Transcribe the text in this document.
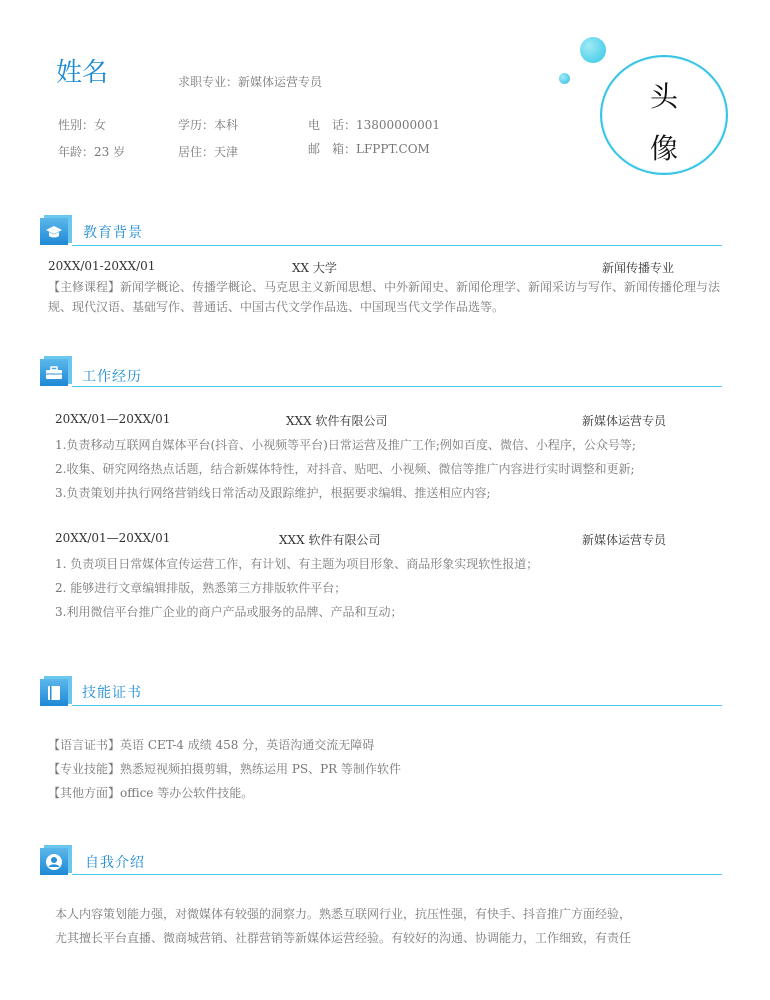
姓名	求职专业：新媒体运营专员
性别：女	学历：本科	电　话：13800000001
年龄：23 岁	居住：天津	邮　箱：LFPPT.COM
头
像
教育背景
20XX/01-20XX/01	XX 大学	新闻传播专业
【主修课程】新闻学概论、传播学概论、马克思主义新闻思想、中外新闻史、新闻伦理学、新闻采访与写作、新闻传播伦理与法规、现代汉语、基础写作、普通话、中国古代文学作品选、中国现当代文学作品选等。
工作经历
20XX/01—20XX/01	XXX 软件有限公司	新媒体运营专员
1.负责移动互联网自媒体平台(抖音、小视频等平台)日常运营及推广工作;例如百度、微信、小程序，公众号等;
2.收集、研究网络热点话题，结合新媒体特性，对抖音、贴吧、小视频、微信等推广内容进行实时调整和更新;
3.负责策划并执行网络营销线日常活动及跟踪维护，根据要求编辑、推送相应内容;
20XX/01—20XX/01	XXX 软件有限公司	新媒体运营专员
1. 负责项目日常媒体宣传运营工作，有计划、有主题为项目形象、商品形象实现软性报道；
2. 能够进行文章编辑排版，熟悉第三方排版软件平台；
3.利用微信平台推广企业的商户产品或服务的品牌、产品和互动；
技能证书
【语言证书】英语 CET-4 成绩 458 分，英语沟通交流无障碍
【专业技能】熟悉短视频拍摄剪辑，熟练运用 PS、PR 等制作软件
【其他方面】office 等办公软件技能。
自我介绍
本人内容策划能力强，对微媒体有较强的洞察力。熟悉互联网行业，抗压性强，有快手、抖音推广方面经验，
尤其擅长平台直播、微商城营销、社群营销等新媒体运营经验。有较好的沟通、协调能力，工作细致，有责任
